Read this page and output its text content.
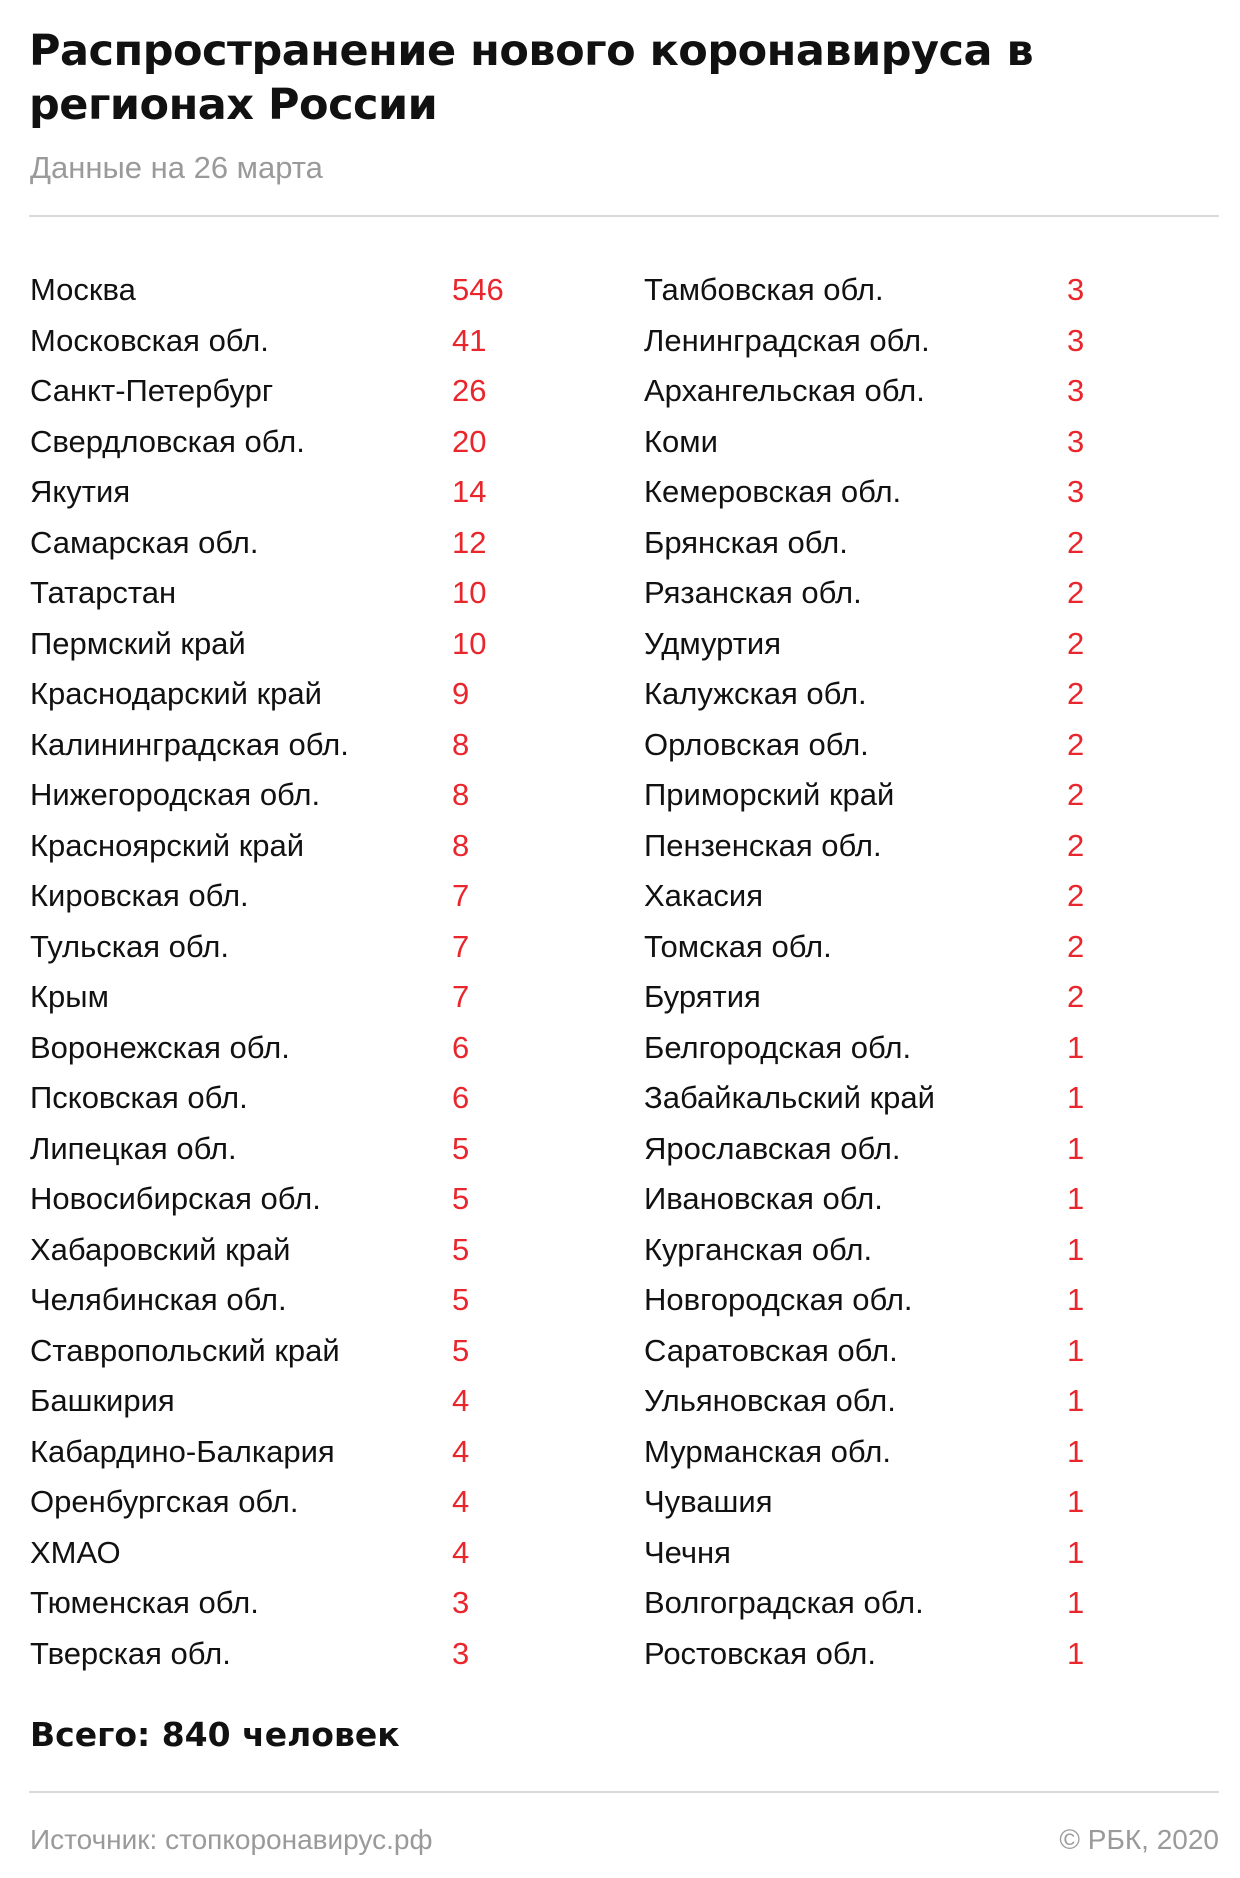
Распространение нового коронавируса в регионах России
Данные на 26 марта
Москва	546
Московская обл.	41
Санкт-Петербург	26
Свердловская обл.	20
Якутия	14
Самарская обл.	12
Татарстан	10
Пермский край	10
Краснодарский край	9
Калининградская обл.	8
Нижегородская обл.	8
Красноярский край	8
Кировская обл.	7
Тульская обл.	7
Крым	7
Воронежская обл.	6
Псковская обл.	6
Липецкая обл.	5
Новосибирская обл.	5
Хабаровский край	5
Челябинская обл.	5
Ставропольский край	5
Башкирия	4
Кабардино-Балкария	4
Оренбургская обл.	4
ХМАО	4
Тюменская обл.	3
Тверская обл.	3
Тамбовская обл.	3
Ленинградская обл.	3
Архангельская обл.	3
Коми	3
Кемеровская обл.	3
Брянская обл.	2
Рязанская обл.	2
Удмуртия	2
Калужская обл.	2
Орловская обл.	2
Приморский край	2
Пензенская обл.	2
Хакасия	2
Томская обл.	2
Бурятия	2
Белгородская обл.	1
Забайкальский край	1
Ярославская обл.	1
Ивановская обл.	1
Курганская обл.	1
Новгородская обл.	1
Саратовская обл.	1
Ульяновская обл.	1
Мурманская обл.	1
Чувашия	1
Чечня	1
Волгоградская обл.	1
Ростовская обл.	1
Всего: 840 человек
Источник: стопкоронавирус.рф	© РБК, 2020
